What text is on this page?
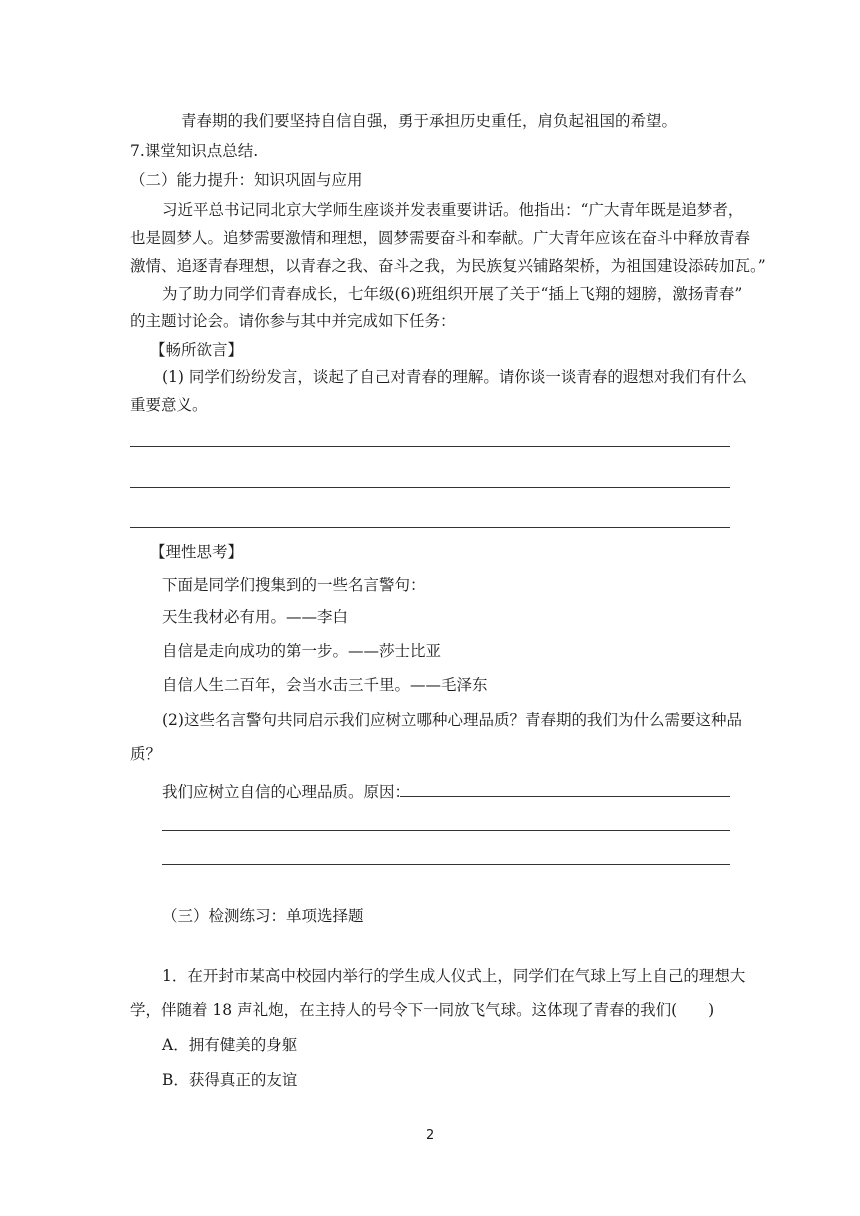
青春期的我们要坚持自信自强，勇于承担历史重任，肩负起祖国的希望。
7.课堂知识点总结.
（二）能力提升：知识巩固与应用
习近平总书记同北京大学师生座谈并发表重要讲话。他指出：“广大青年既是追梦者，
也是圆梦人。追梦需要激情和理想，圆梦需要奋斗和奉献。广大青年应该在奋斗中释放青春
激情、追逐青春理想，以青春之我、奋斗之我，为民族复兴铺路架桥，为祖国建设添砖加瓦。”
为了助力同学们青春成长，七年级(6)班组织开展了关于“插上飞翔的翅膀，激扬青春”
的主题讨论会。请你参与其中并完成如下任务：
【畅所欲言】
(1) 同学们纷纷发言，谈起了自己对青春的理解。请你谈一谈青春的遐想对我们有什么
重要意义。
【理性思考】
下面是同学们搜集到的一些名言警句：
天生我材必有用。——李白
自信是走向成功的第一步。——莎士比亚
自信人生二百年，会当水击三千里。——毛泽东
(2)这些名言警句共同启示我们应树立哪种心理品质？青春期的我们为什么需要这种品
质？
我们应树立自信的心理品质。原因：
（三）检测练习：单项选择题
1．在开封市某高中校园内举行的学生成人仪式上，同学们在气球上写上自己的理想大
学，伴随着 18 声礼炮，在主持人的号令下一同放飞气球。这体现了青春的我们(　　)
A．拥有健美的身躯
B．获得真正的友谊
2
